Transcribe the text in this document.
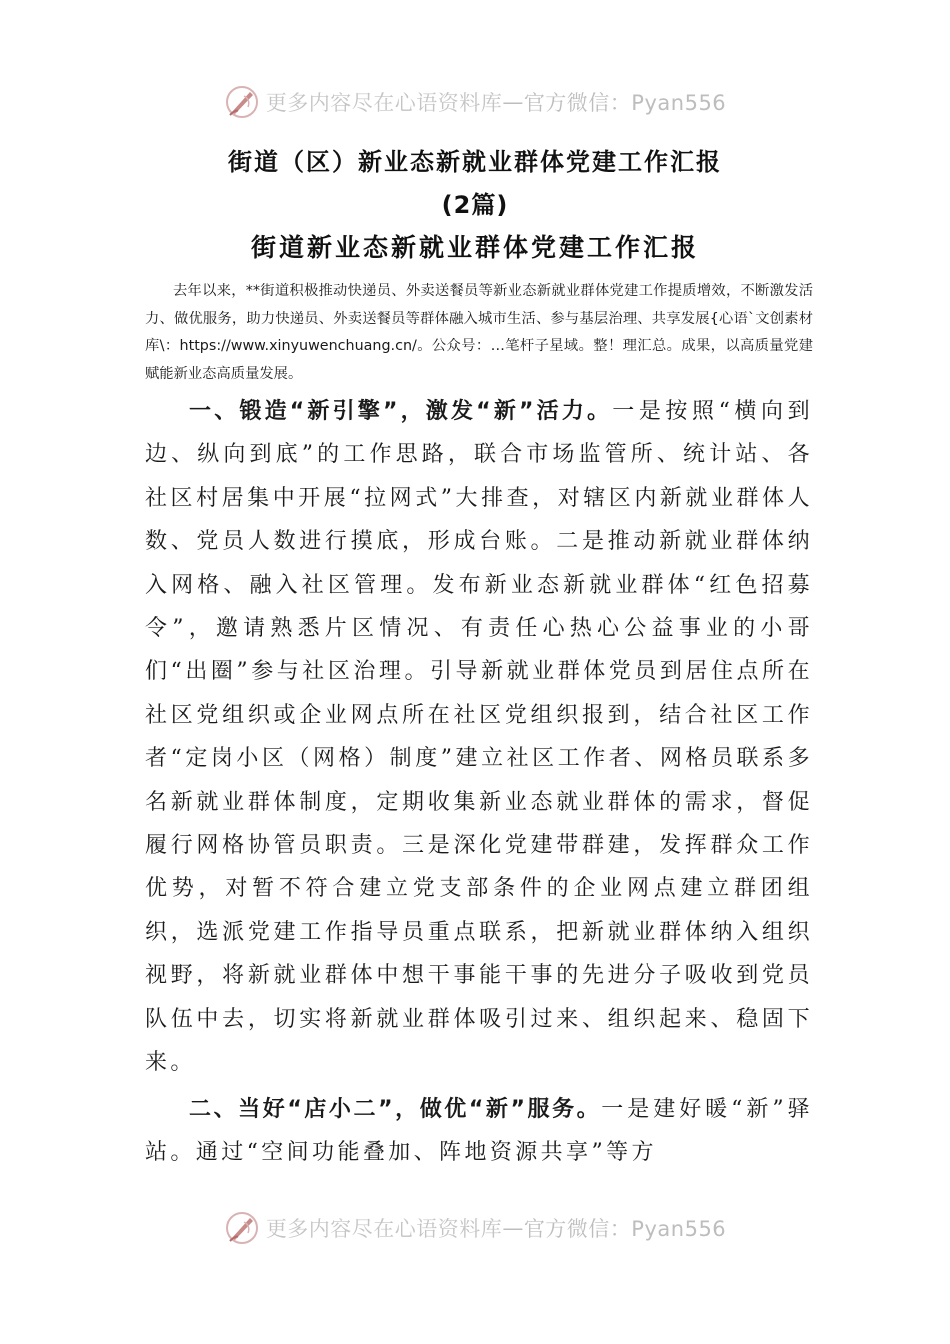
更多内容尽在心语资料库 — 官方微信：Pyan556
街道（区）新业态新就业群体党建工作汇报
(2篇)
街道新业态新就业群体党建工作汇报

去年以来，**街道积极推动快递员、外卖送餐员等新业态新就业群体党建工作提质增效，不断激发活力、做优服务，助力快递员、外卖送餐员等群体融入城市生活、参与基层治理、共享发展{心语`文创素材库\：https://www.xinyuwenchuang.cn/。公众号：…笔杆子星域。整！理汇总。成果，以高质量党建赋能新业态高质量发展。

一、锻造“新引擎”，激发“新”活力。一是按照“横向到边、纵向到底”的工作思路，联合市场监管所、统计站、各社区村居集中开展“拉网式”大排查，对辖区内新就业群体人数、党员人数进行摸底，形成台账。二是推动新就业群体纳入网格、融入社区管理。发布新业态新就业群体“红色招募令”，邀请熟悉片区情况、有责任心热心公益事业的小哥们“出圈”参与社区治理。引导新就业群体党员到居住点所在社区党组织或企业网点所在社区党组织报到，结合社区工作者“定岗小区（网格）制度”建立社区工作者、网格员联系多名新就业群体制度，定期收集新业态就业群体的需求，督促履行网格协管员职责。三是深化党建带群建，发挥群众工作优势，对暂不符合建立党支部条件的企业网点建立群团组织，选派党建工作指导员重点联系，把新就业群体纳入组织视野，将新就业群体中想干事能干事的先进分子吸收到党员队伍中去，切实将新就业群体吸引过来、组织起来、稳固下来。

二、当好“店小二”，做优“新”服务。一是建好暖“新”驿站。通过“空间功能叠加、阵地资源共享”等方

更多内容尽在心语资料库 — 官方微信：Pyan556
